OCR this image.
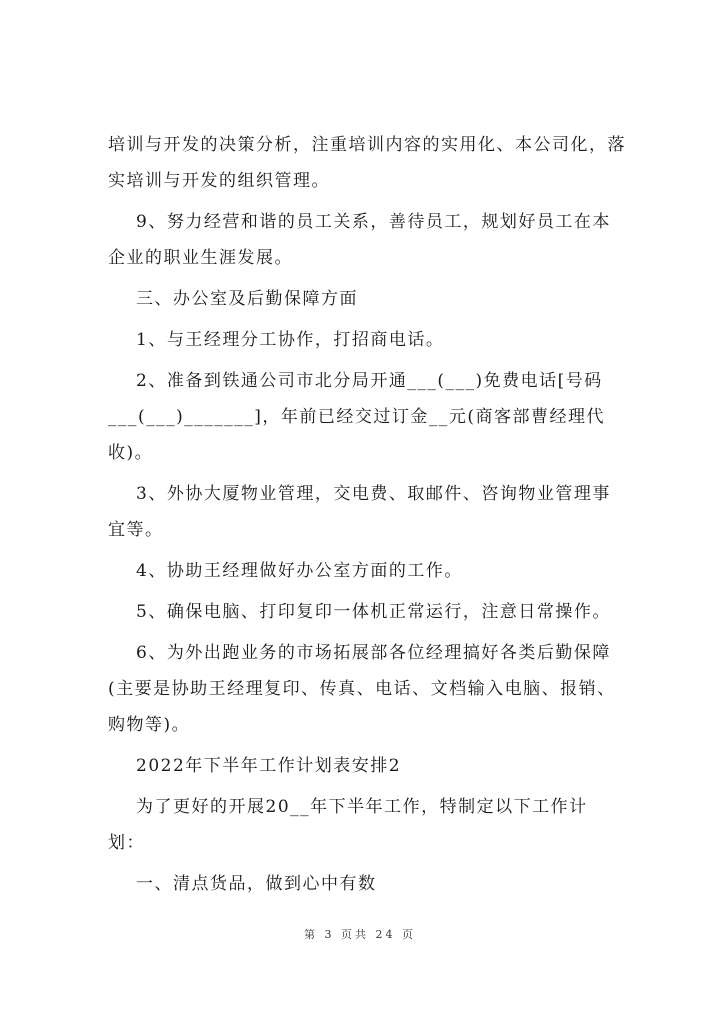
培训与开发的决策分析，注重培训内容的实用化、本公司化，落
实培训与开发的组织管理。
9、努力经营和谐的员工关系，善待员工，规划好员工在本
企业的职业生涯发展。
三、办公室及后勤保障方面
1、与王经理分工协作，打招商电话。
2、准备到铁通公司市北分局开通___(___)免费电话[号码
___(___)_______]，年前已经交过订金__元(商客部曹经理代
收)。
3、外协大厦物业管理，交电费、取邮件、咨询物业管理事
宜等。
4、协助王经理做好办公室方面的工作。
5、确保电脑、打印复印一体机正常运行，注意日常操作。
6、为外出跑业务的市场拓展部各位经理搞好各类后勤保障
(主要是协助王经理复印、传真、电话、文档输入电脑、报销、
购物等)。
2022年下半年工作计划表安排2
为了更好的开展20__年下半年工作，特制定以下工作计
划：
一、清点货品，做到心中有数
第 3 页共 24 页
